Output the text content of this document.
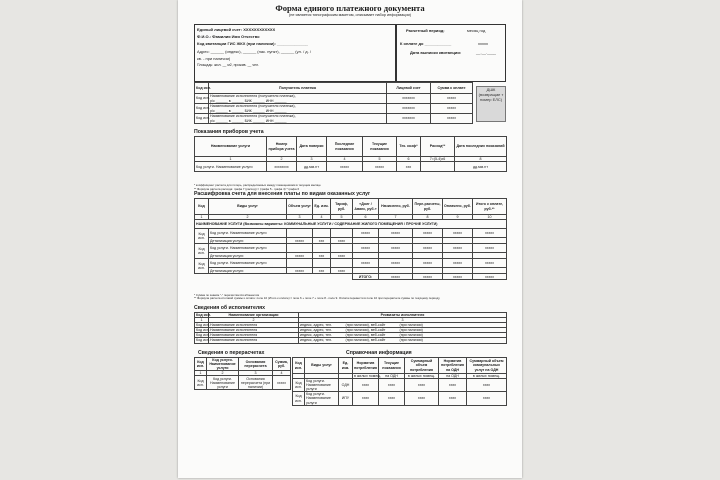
Форма единого платежного документа
(не является типографским макетом, описывает набор информации)
Единый лицевой счет: ХХХХХХХХХХХХ
Ф.И.О.: Фамилия Имя Отчество
Код квитанции ГИС ЖКХ (при наличии): ______________
Адрес: ______ (индекс), ______ (нас. пункт), ______ (ул. / д. /
кв. - при наличии)
Площадь: жил. __ м2, прожив. __ чел.
Расчетный период:	месяц год
К оплате до ____________	ххххх
Дата выписки квитанции:	__.__.____
Код исп.	Получатель платежа	Лицевой счет	Сумма к оплате
Код исп.	Наименование исполнителя (получателя платежа),
р/с ______ в ______ БИК ______ ИНН ______	ххххххх	ххххх
Код исп.	Наименование исполнителя (получателя платежа),
р/с ______ в ______ БИК ______ ИНН ______	ххххххх	ххххх
Код исп.	Наименование исполнителя (получателя платежа),
р/с ______ в ______ БИК ______ ИНН ______	ххххххх	ххххх
ДШК (возвращае т номер ЕЛС)
Показания приборов учета
Наименование услуги	Номер прибора учета	Дата поверки	Последние показания	Текущие показания	Тек. коэф*	Расход**	Дата последних показаний
1	2	3	4	5	6	7=(5-4)х6	8
Код услуги. Наименование услуги	хххххххх	дд.мм.ггг	ххххх	ххххх	ххх		дд.мм.ггг
* коэффициент расчета для потерь, распределяемых между помещениями в текущем месяце
** Формула расчета расхода: графа 7 (расход) = (графа 5 - графа 4) * графа 6
Расшифровка счета для внесения платы по видам оказанных услуг
Код	Виды услуг	Объем услуг	Ед. изм.	Тариф, руб.	«Долг /Аванс, руб.»	Начислено, руб.	Пере-расчеты, руб.	Оплачено, руб.	Итого к оплате, руб.**
1	2	3	4	5	6	7	8	9	10
НАИМЕНОВАНИЕ УСЛУГИ (Возможны варианты: КОММУНАЛЬНЫЕ УСЛУГИ / СОДЕРЖАНИЕ ЖИЛОГО ПОМЕЩЕНИЯ / ПРОЧИЕ УСЛУГИ)									
Код исп.	Код услуги. Наименование услуги				ххххх	ххххх	ххххх	ххххх	ххххх
	Детализация услуги	ххххх	ххх	хххх					
Код исп.	Код услуги. Наименование услуги				ххххх	ххххх	ххххх	ххххх	ххххх
	Детализация услуги	ххххх	ххх	хххх					
Код исп.	Код услуги. Наименование услуги				ххххх	ххххх	ххххх	ххххх	ххххх
	Детализация услуги	ххххх	ххх	хххх					
					ИТОГО:	ххххх	ххххх	ххххх	ххххх
* Сумма по знаком "-" перечисляется абонентом
** Формула расчета итоговой суммы к оплате: поле 10 (Итого к оплате) = поле 6 + поле 7 + поле 8 - поле 9. Оплата перевести в поле 10 при перерасчете суммы по текущему периоду
Сведения об исполнителях
Код исп.	Наименование организации	Реквизиты исполнителя		
1	2	3		
Код исп.	Наименование исполнителя	индекс, адрес, тел.	(при наличии), веб-сайт	(при наличии)
Код исп.	Наименование исполнителя	индекс, адрес, тел.	(при наличии), веб-сайт	(при наличии)
Код исп.	Наименование исполнителя	индекс, адрес, тел.	(при наличии), веб-сайт	(при наличии)
Код исп.	Наименование исполнителя	индекс, адрес, тел.	(при наличии), веб-сайт	(при наличии)
Сведения о перерасчетах
Код исп.	Код услуги. Наименование услуги	Основания перерасчета	Сумма, руб.
1	2	3	4
Код исп.	Код услуги. Наименование услуги	Основания перерасчета (при наличии)	ххххх
Справочная информация
Код исп.	Виды услуг	Ед. изм.	Норматив потребления	Текущие показания	Суммарный объем потребления	Норматив потребления на ОДН	Суммарный объем коммунальных услуг на ОДН
			в жилых помещ.	на ОДН	в жилых помещ.	на ОДН	в жилых помещ.
Код исп.	Код услуги. Наименование услуги	ОДН	хххх	хххх	хххх	хххх	хххх
Код исп.	Код услуги. Наименование услуги	ИПУ	хххх	хххх	хххх	хххх	хххх
